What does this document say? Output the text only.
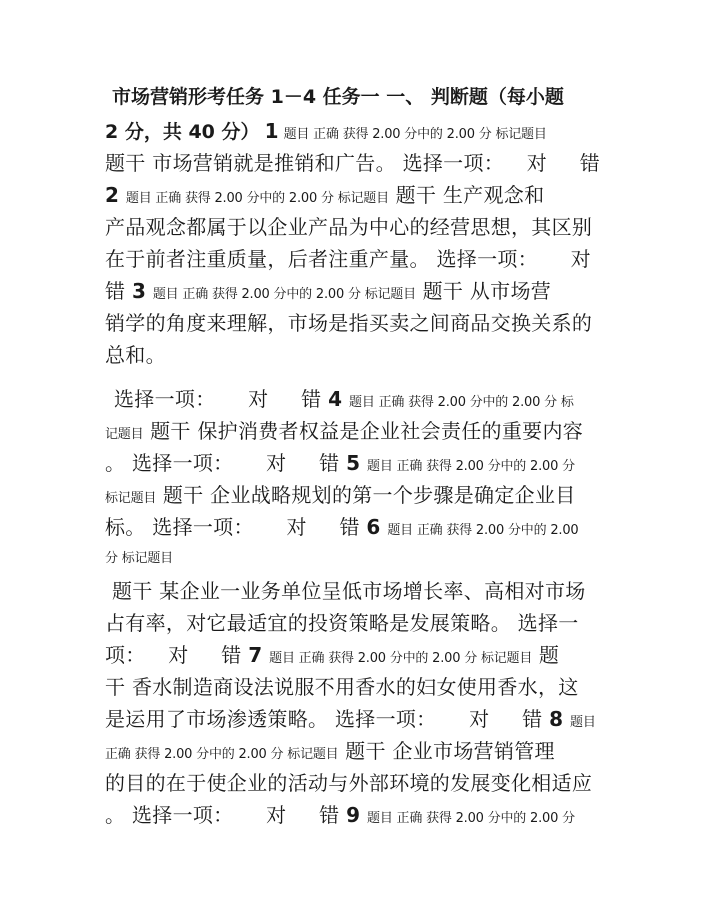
市场营销形考任务 1－4 任务一 一、 判断题（每小题
2 分，共 40 分） 1 题目 正确 获得 2.00 分中的 2.00 分 标记题目
题干 市场营销就是推销和广告。 选择一项： 对 错
2 题目 正确 获得 2.00 分中的 2.00 分 标记题目 题干 生产观念和
产品观念都属于以企业产品为中心的经营思想，其区别
在于前者注重质量，后者注重产量。 选择一项： 对
错 3 题目 正确 获得 2.00 分中的 2.00 分 标记题目 题干 从市场营
销学的角度来理解，市场是指买卖之间商品交换关系的
总和。
选择一项： 对 错 4 题目 正确 获得 2.00 分中的 2.00 分 标
记题目 题干 保护消费者权益是企业社会责任的重要内容
。 选择一项： 对 错 5 题目 正确 获得 2.00 分中的 2.00 分
标记题目 题干 企业战略规划的第一个步骤是确定企业目
标。 选择一项： 对 错 6 题目 正确 获得 2.00 分中的 2.00
分 标记题目
题干 某企业一业务单位呈低市场增长率、高相对市场
占有率，对它最适宜的投资策略是发展策略。 选择一
项： 对 错 7 题目 正确 获得 2.00 分中的 2.00 分 标记题目 题
干 香水制造商设法说服不用香水的妇女使用香水，这
是运用了市场渗透策略。 选择一项： 对 错 8 题目
正确 获得 2.00 分中的 2.00 分 标记题目 题干 企业市场营销管理
的目的在于使企业的活动与外部环境的发展变化相适应
。 选择一项： 对 错 9 题目 正确 获得 2.00 分中的 2.00 分
